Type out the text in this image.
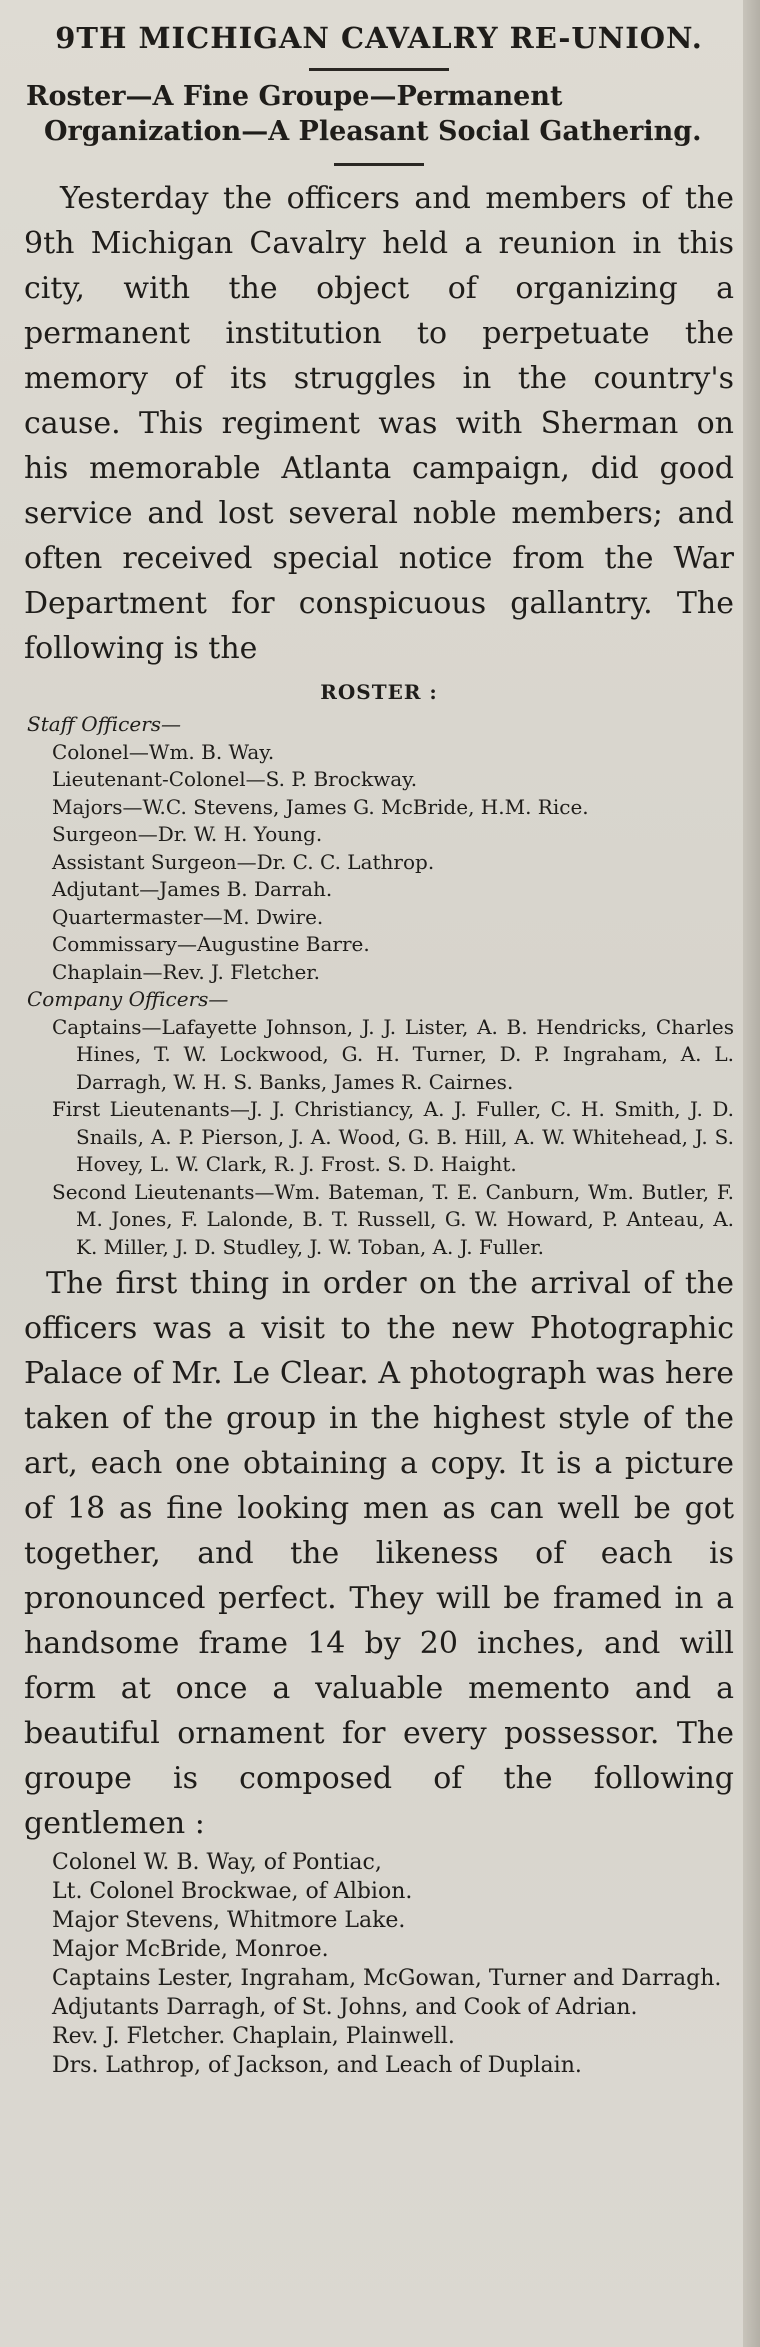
9TH MICHIGAN CAVALRY RE-UNION.

Roster—A Fine Groupe—Permanent Organization—A Pleasant Social Gathering.

Yesterday the officers and members of the 9th Michigan Cavalry held a reunion in this city, with the object of organizing a permanent institution to perpetuate the memory of its struggles in the country's cause. This regiment was with Sherman on his memorable Atlanta campaign, did good service and lost several noble members; and often received special notice from the War Department for conspicuous gallantry. The following is the

ROSTER :

Staff Officers—

Colonel—Wm. B. Way.

Lieutenant-Colonel—S. P. Brockway.

Majors—W.C. Stevens, James G. McBride, H.M. Rice.

Surgeon—Dr. W. H. Young.

Assistant Surgeon—Dr. C. C. Lathrop.

Adjutant—James B. Darrah.

Quartermaster—M. Dwire.

Commissary—Augustine Barre.

Chaplain—Rev. J. Fletcher.

Company Officers—

Captains—Lafayette Johnson, J. J. Lister, A. B. Hendricks, Charles Hines, T. W. Lockwood, G. H. Turner, D. P. Ingraham, A. L. Darragh, W. H. S. Banks, James R. Cairnes.

First Lieutenants—J. J. Christiancy, A. J. Fuller, C. H. Smith, J. D. Snails, A. P. Pierson, J. A. Wood, G. B. Hill, A. W. Whitehead, J. S. Hovey, L. W. Clark, R. J. Frost. S. D. Haight.

Second Lieutenants—Wm. Bateman, T. E. Canburn, Wm. Butler, F. M. Jones, F. Lalonde, B. T. Russell, G. W. Howard, P. Anteau, A. K. Miller, J. D. Studley, J. W. Toban, A. J. Fuller.

The first thing in order on the arrival of the officers was a visit to the new Photographic Palace of Mr. Le Clear. A photograph was here taken of the group in the highest style of the art, each one obtaining a copy. It is a picture of 18 as fine looking men as can well be got together, and the likeness of each is pronounced perfect. They will be framed in a handsome frame 14 by 20 inches, and will form at once a valuable memento and a beautiful ornament for every possessor. The groupe is composed of the following gentlemen :

Colonel W. B. Way, of Pontiac,

Lt. Colonel Brockwae, of Albion.

Major Stevens, Whitmore Lake.

Major McBride, Monroe.

Captains Lester, Ingraham, McGowan, Turner and Darragh.

Adjutants Darragh, of St. Johns, and Cook of Adrian.

Rev. J. Fletcher. Chaplain, Plainwell.

Drs. Lathrop, of Jackson, and Leach of Duplain.
